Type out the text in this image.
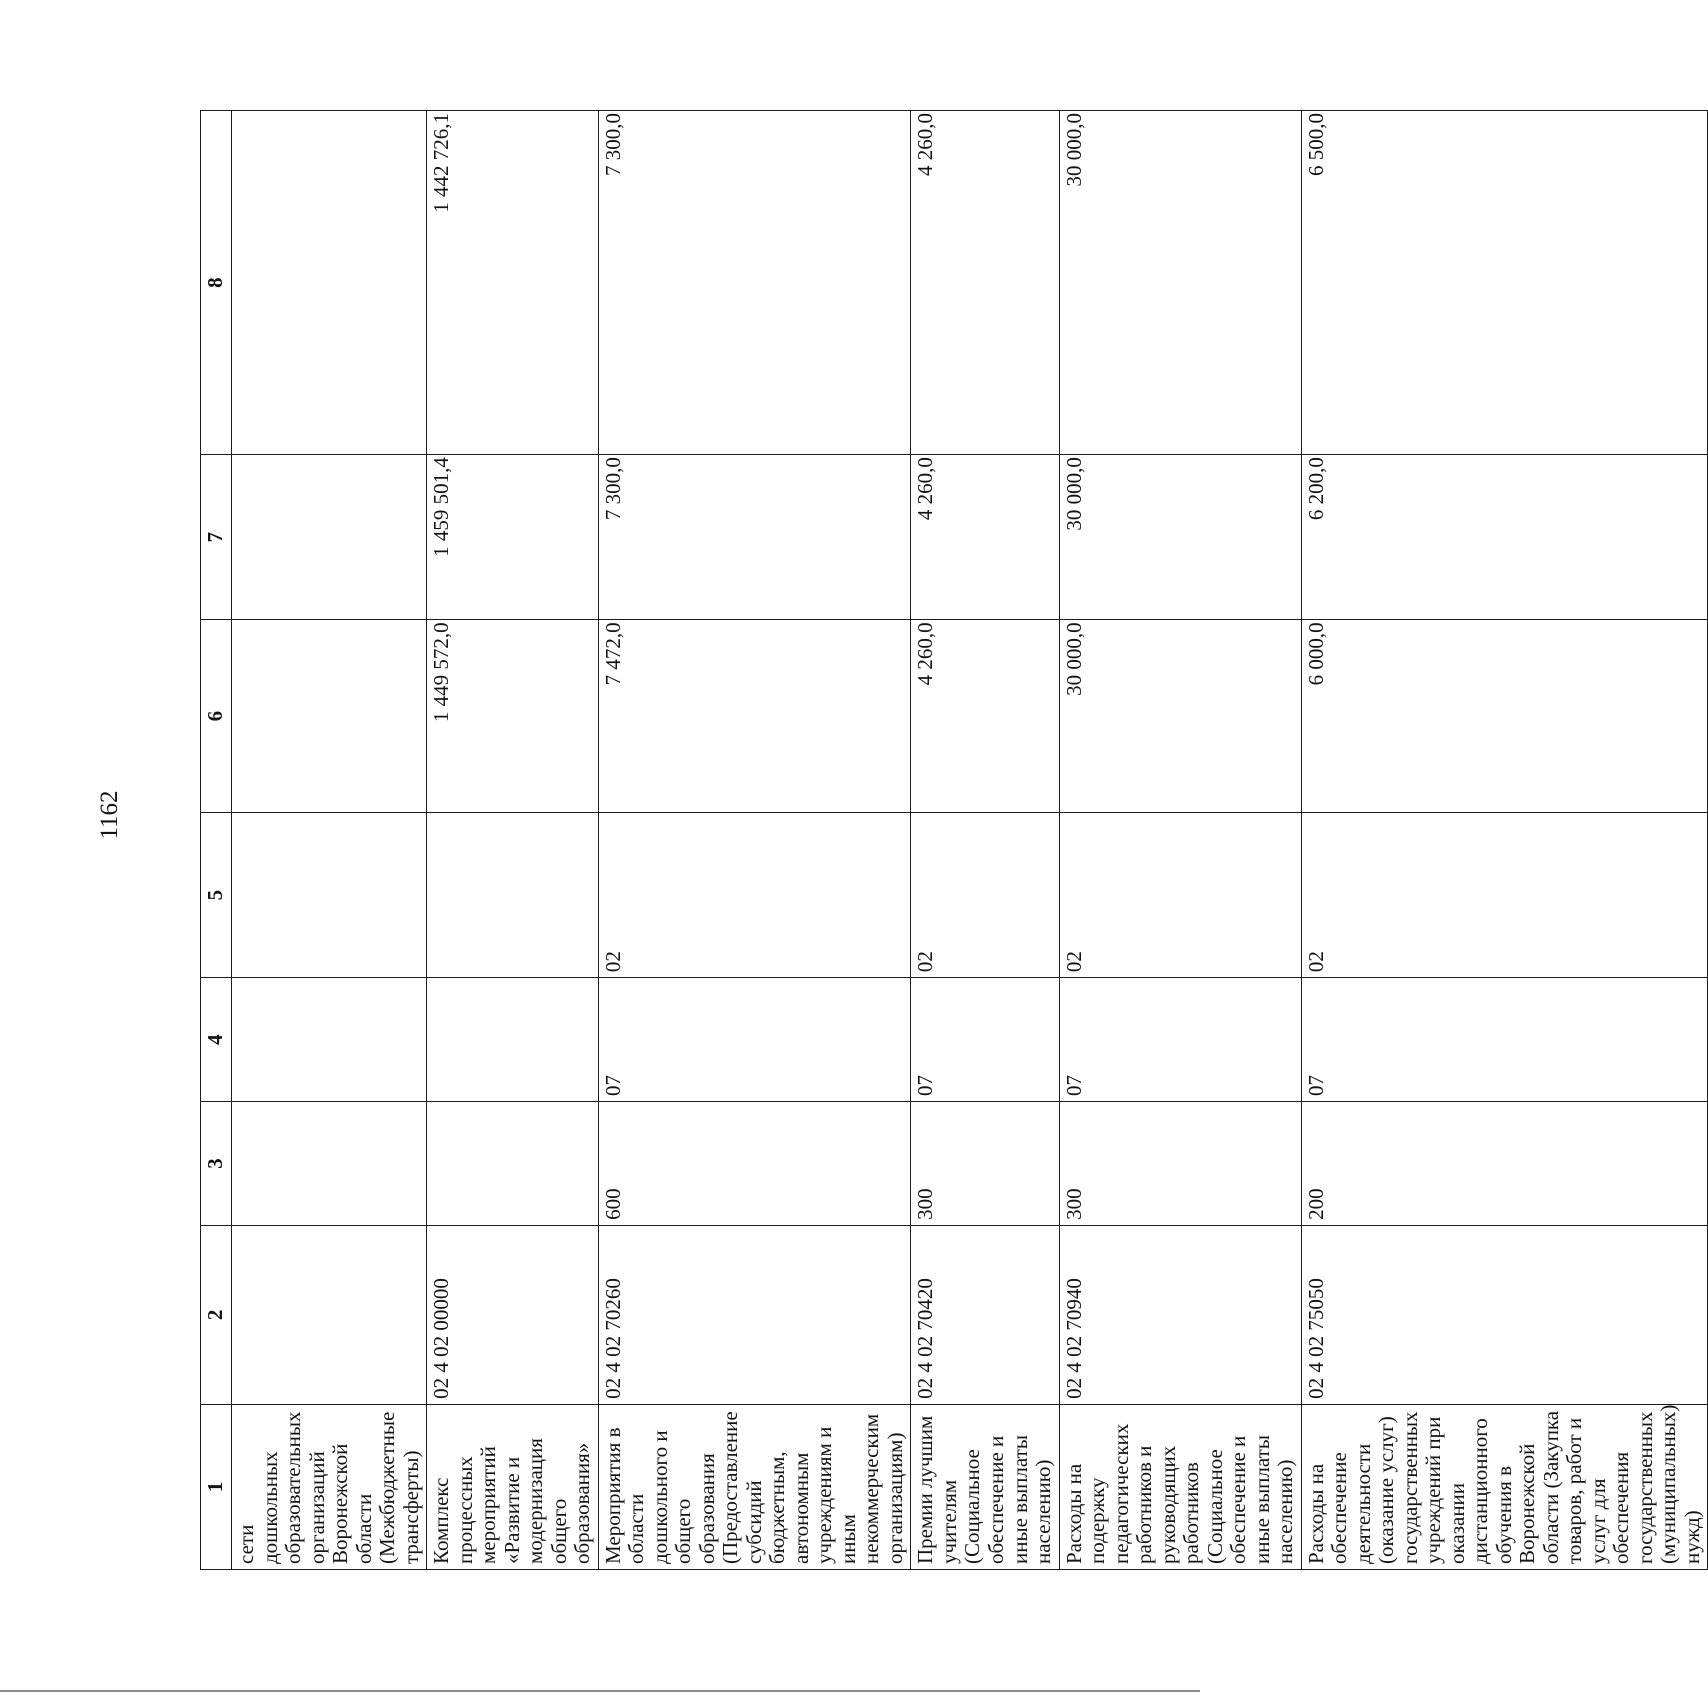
1162
1	2	3	4	5	6	7	8
сети дошкольных образовательных организаций Воронежской области (Межбюджетные трансферты)							
Комплекс процессных мероприятий «Развитие и модернизация общего образования»	02 4 02 00000				1 449 572,0	1 459 501,4	1 442 726,1
Мероприятия в области дошкольного и общего образования (Предоставление субсидий бюджетным, автономным учреждениям и иным некоммерческим организациям)	02 4 02 70260	600	07	02	7 472,0	7 300,0	7 300,0
Премии лучшим учителям (Социальное обеспечение и иные выплаты населению)	02 4 02 70420	300	07	02	4 260,0	4 260,0	4 260,0
Расходы на подержку педагогических работников и руководящих работников (Социальное обеспечение и иные выплаты населению)	02 4 02 70940	300	07	02	30 000,0	30 000,0	30 000,0
Расходы на обеспечение деятельности (оказание услуг) государственных учреждений при оказании дистанционного обучения в Воронежской области (Закупка товаров, работ и услуг для обеспечения государственных (муниципальных) нужд)	02 4 02 75050	200	07	02	6 000,0	6 200,0	6 500,0
